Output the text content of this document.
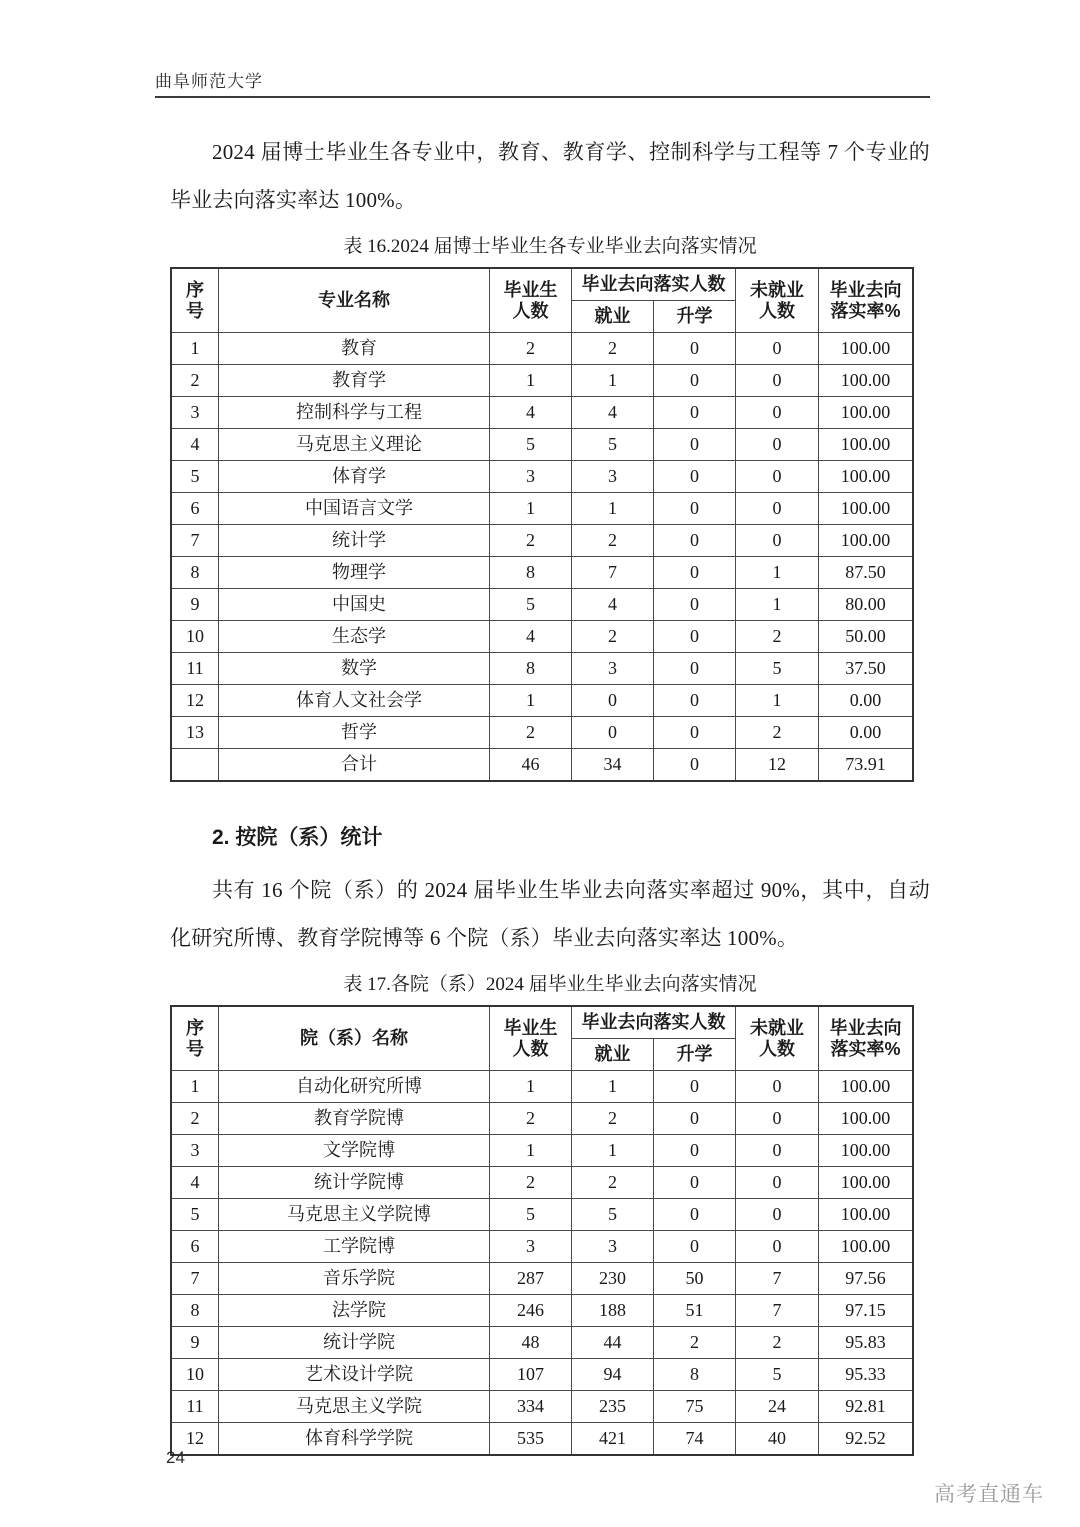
曲阜师范大学

2024 届博士毕业生各专业中，教育、教育学、控制科学与工程等 7 个专业的毕业去向落实率达 100%。

表 16.2024 届博士毕业生各专业毕业去向落实情况
序
号	专业名称	毕业生
人数	毕业去向落实人数		未就业
人数	毕业去向
落实率%

			就业	升学		
1	教育	2	2	0	0	100.00
2	教育学	1	1	0	0	100.00
3	控制科学与工程	4	4	0	0	100.00
4	马克思主义理论	5	5	0	0	100.00
5	体育学	3	3	0	0	100.00
6	中国语言文学	1	1	0	0	100.00
7	统计学	2	2	0	0	100.00
8	物理学	8	7	0	1	87.50
9	中国史	5	4	0	1	80.00
10	生态学	4	2	0	2	50.00
11	数学	8	3	0	5	37.50
12	体育人文社会学	1	0	0	1	0.00
13	哲学	2	0	0	2	0.00
	合计	46	34	0	12	73.91
2. 按院（系）统计

共有 16 个院（系）的 2024 届毕业生毕业去向落实率超过 90%，其中，自动化研究所博、教育学院博等 6 个院（系）毕业去向落实率达 100%。

表 17.各院（系）2024 届毕业生毕业去向落实情况
序
号	院（系）名称	毕业生
人数	毕业去向落实人数		未就业
人数	毕业去向
落实率%

			就业	升学		
1	自动化研究所博	1	1	0	0	100.00
2	教育学院博	2	2	0	0	100.00
3	文学院博	1	1	0	0	100.00
4	统计学院博	2	2	0	0	100.00
5	马克思主义学院博	5	5	0	0	100.00
6	工学院博	3	3	0	0	100.00
7	音乐学院	287	230	50	7	97.56
8	法学院	246	188	51	7	97.15
9	统计学院	48	44	2	2	95.83
10	艺术设计学院	107	94	8	5	95.33
11	马克思主义学院	334	235	75	24	92.81
12	体育科学学院	535	421	74	40	92.52
24
高考直通车
